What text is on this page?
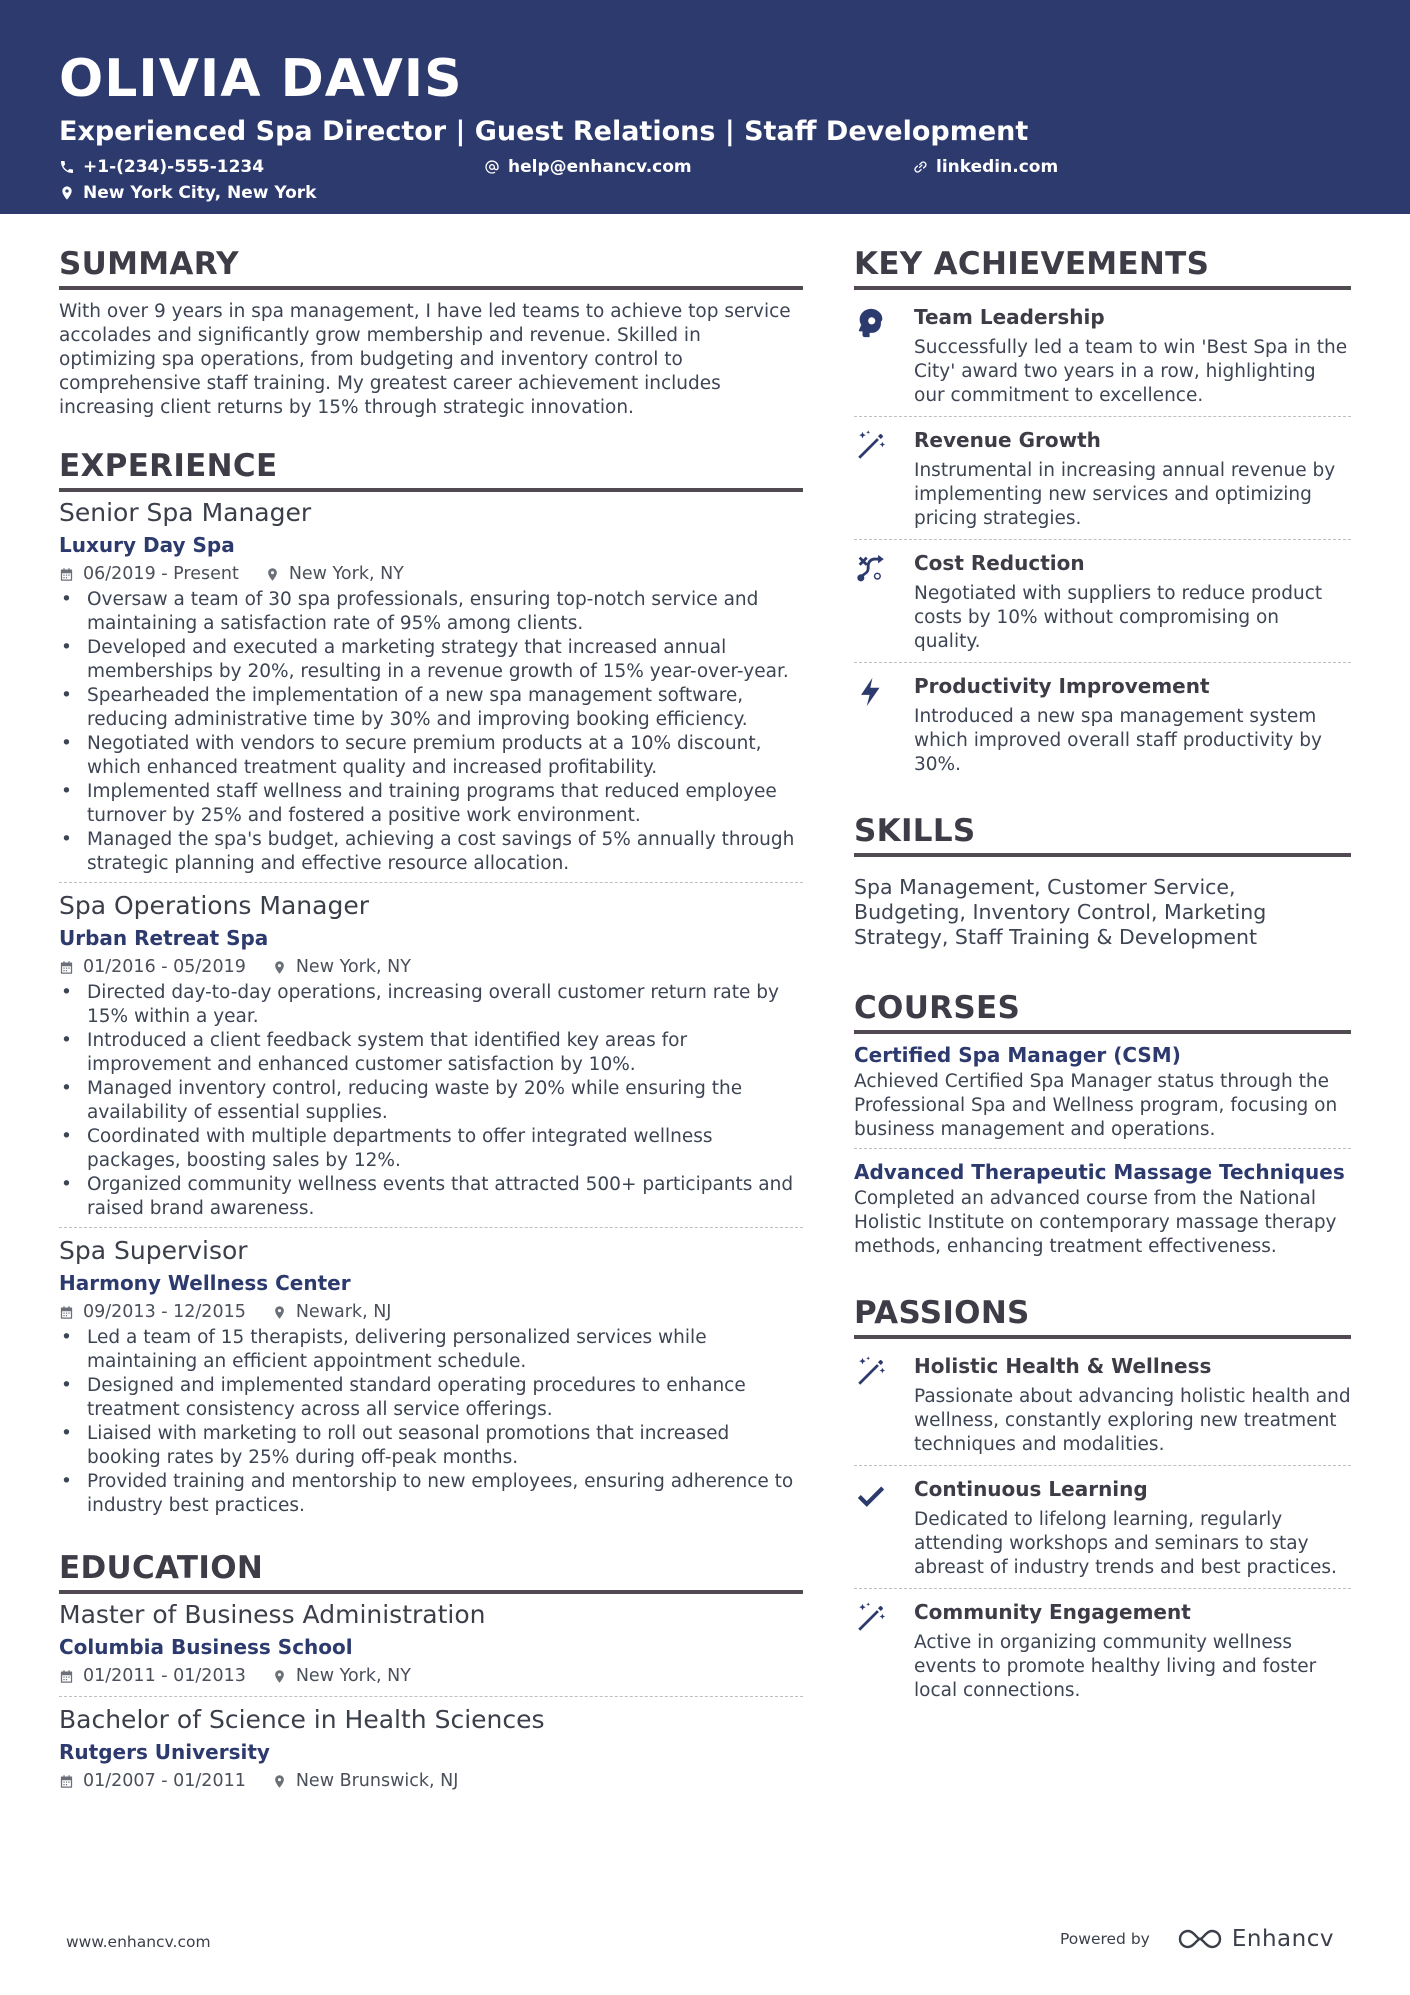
OLIVIA DAVIS
Experienced Spa Director | Guest Relations | Staff Development
+1-(234)-555-1234	help@enhancv.com	linkedin.com
New York City, New York
SUMMARY
With over 9 years in spa management, I have led teams to achieve top service accolades and significantly grow membership and revenue. Skilled in optimizing spa operations, from budgeting and inventory control to comprehensive staff training. My greatest career achievement includes increasing client returns by 15% through strategic innovation.
EXPERIENCE
Senior Spa Manager
Luxury Day Spa
06/2019 - Present	New York, NY
• Oversaw a team of 30 spa professionals, ensuring top-notch service and maintaining a satisfaction rate of 95% among clients.
• Developed and executed a marketing strategy that increased annual memberships by 20%, resulting in a revenue growth of 15% year-over-year.
• Spearheaded the implementation of a new spa management software, reducing administrative time by 30% and improving booking efficiency.
• Negotiated with vendors to secure premium products at a 10% discount, which enhanced treatment quality and increased profitability.
• Implemented staff wellness and training programs that reduced employee turnover by 25% and fostered a positive work environment.
• Managed the spa's budget, achieving a cost savings of 5% annually through strategic planning and effective resource allocation.
Spa Operations Manager
Urban Retreat Spa
01/2016 - 05/2019	New York, NY
• Directed day-to-day operations, increasing overall customer return rate by 15% within a year.
• Introduced a client feedback system that identified key areas for improvement and enhanced customer satisfaction by 10%.
• Managed inventory control, reducing waste by 20% while ensuring the availability of essential supplies.
• Coordinated with multiple departments to offer integrated wellness packages, boosting sales by 12%.
• Organized community wellness events that attracted 500+ participants and raised brand awareness.
Spa Supervisor
Harmony Wellness Center
09/2013 - 12/2015	Newark, NJ
• Led a team of 15 therapists, delivering personalized services while maintaining an efficient appointment schedule.
• Designed and implemented standard operating procedures to enhance treatment consistency across all service offerings.
• Liaised with marketing to roll out seasonal promotions that increased booking rates by 25% during off-peak months.
• Provided training and mentorship to new employees, ensuring adherence to industry best practices.
EDUCATION
Master of Business Administration
Columbia Business School
01/2011 - 01/2013	New York, NY
Bachelor of Science in Health Sciences
Rutgers University
01/2007 - 01/2011	New Brunswick, NJ
KEY ACHIEVEMENTS
Team Leadership
Successfully led a team to win 'Best Spa in the City' award two years in a row, highlighting our commitment to excellence.
Revenue Growth
Instrumental in increasing annual revenue by implementing new services and optimizing pricing strategies.
Cost Reduction
Negotiated with suppliers to reduce product costs by 10% without compromising on quality.
Productivity Improvement
Introduced a new spa management system which improved overall staff productivity by 30%.
SKILLS
Spa Management, Customer Service, Budgeting, Inventory Control, Marketing Strategy, Staff Training & Development
COURSES
Certified Spa Manager (CSM)
Achieved Certified Spa Manager status through the Professional Spa and Wellness program, focusing on business management and operations.
Advanced Therapeutic Massage Techniques
Completed an advanced course from the National Holistic Institute on contemporary massage therapy methods, enhancing treatment effectiveness.
PASSIONS
Holistic Health & Wellness
Passionate about advancing holistic health and wellness, constantly exploring new treatment techniques and modalities.
Continuous Learning
Dedicated to lifelong learning, regularly attending workshops and seminars to stay abreast of industry trends and best practices.
Community Engagement
Active in organizing community wellness events to promote healthy living and foster local connections.
www.enhancv.com	Powered by	Enhancv
